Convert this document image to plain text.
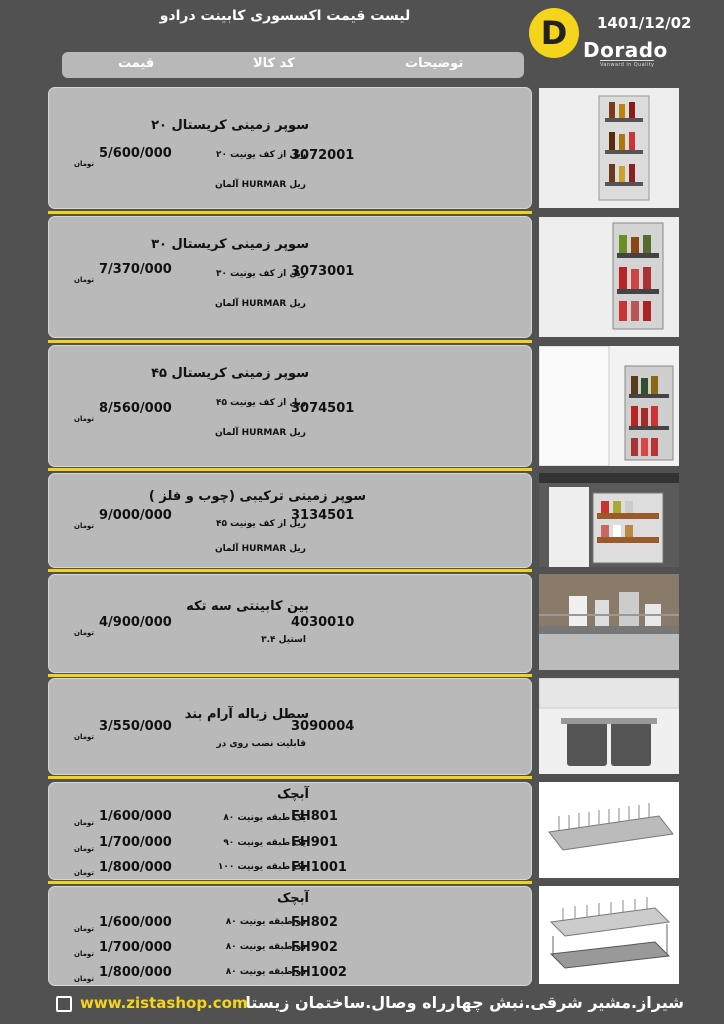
لیست قیمت اکسسوری کابینت درادو
توضیحات
کد کالا
قیمت
D	1401/12/02
Dorado
Vanward in Quality
سوپر زمینی کریستال ۲۰
ریل از کف یونیت ۲۰
ریل HURMAR آلمان
3072001
5/600/000
تومان
سوپر زمینی کریستال ۳۰
ریل از کف یونیت ۳۰
ریل HURMAR آلمان
3073001
7/370/000
تومان
سوپر زمینی کریستال ۴۵
ریل از کف یونیت ۴۵
ریل HURMAR آلمان
3074501
8/560/000
تومان
سوپر زمینی ترکیبی (چوب و فلز )
ریل از کف یونیت ۴۵
ریل HURMAR آلمان
3134501
9/000/000
تومان
بین کابینتی سه تکه
استیل ۳.۴
4030010
4/900/000
تومان
سطل زباله آرام بند
قابلیت نصب روی در
3090004
3/550/000
تومان
آبچک
یک طبقه یونیت ۸۰
یک طبقه یونیت ۹۰
یک طبقه یونیت ۱۰۰
FH801
FH901
FH1001
1/600/000
1/700/000
1/800/000
تومان
تومان
تومان
آبچک
دو طبقه یونیت ۸۰
دو طبقه یونیت ۸۰
دو طبقه یونیت ۸۰
FH802
FH902
FH1002
1/600/000
1/700/000
1/800/000
تومان
تومان
تومان
شیراز.مشیر شرقی.نبش چهارراه وصال.ساختمان زیستا
www.zistashop.com
